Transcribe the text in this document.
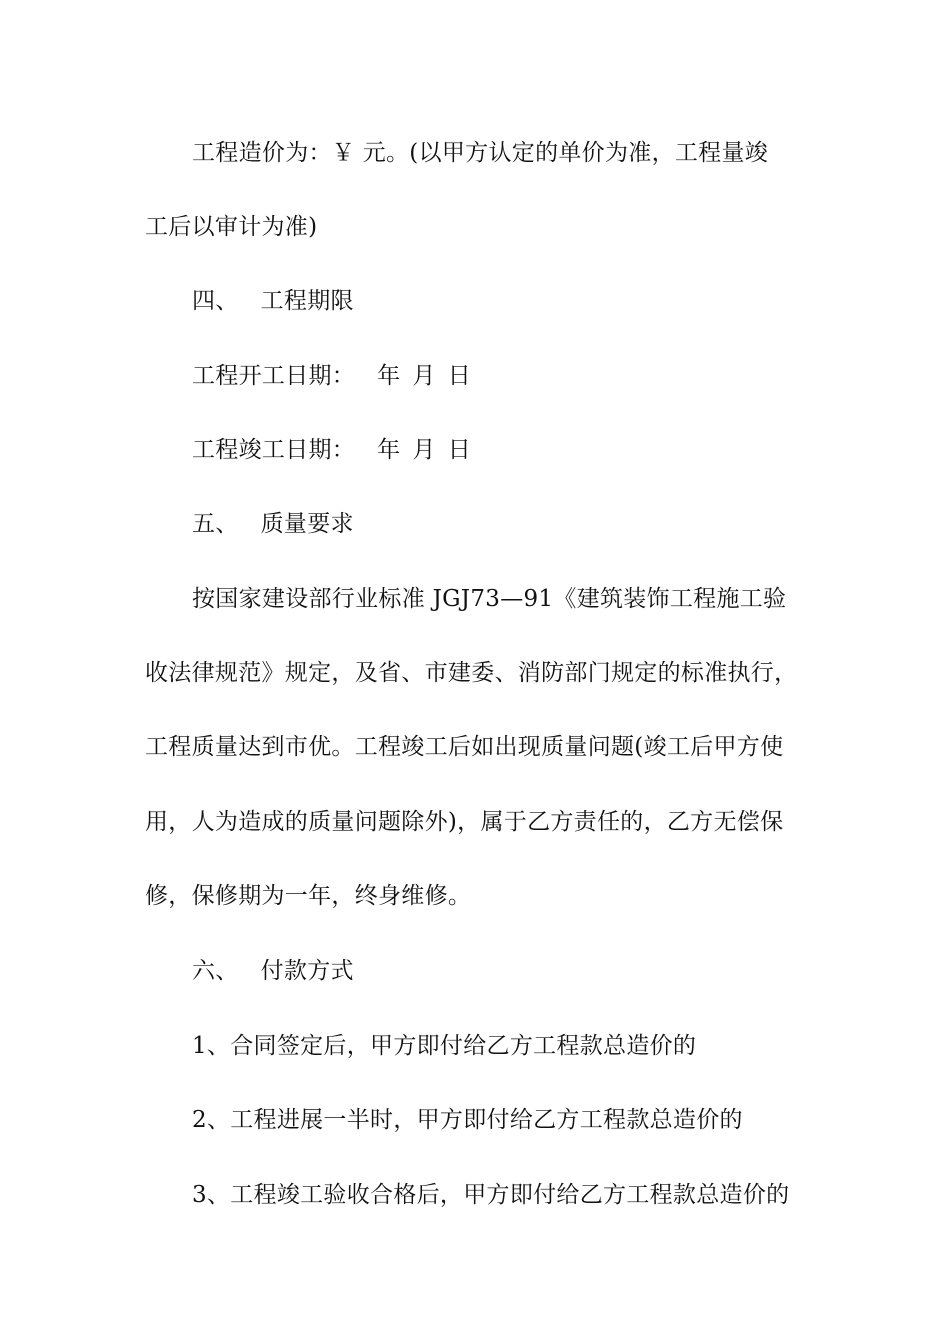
工程造价为：￥ 元。(以甲方认定的单价为准，工程量竣
工后以审计为准)
四、 工程期限
工程开工日期： 年 月 日
工程竣工日期： 年 月 日
五、 质量要求
按国家建设部行业标准 JGJ73—91《建筑装饰工程施工验
收法律规范》规定，及省、市建委、消防部门规定的标准执行，
工程质量达到市优。工程竣工后如出现质量问题(竣工后甲方使
用，人为造成的质量问题除外)，属于乙方责任的，乙方无偿保
修，保修期为一年，终身维修。
六、 付款方式
1、合同签定后，甲方即付给乙方工程款总造价的
2、工程进展一半时，甲方即付给乙方工程款总造价的
3、工程竣工验收合格后，甲方即付给乙方工程款总造价的
